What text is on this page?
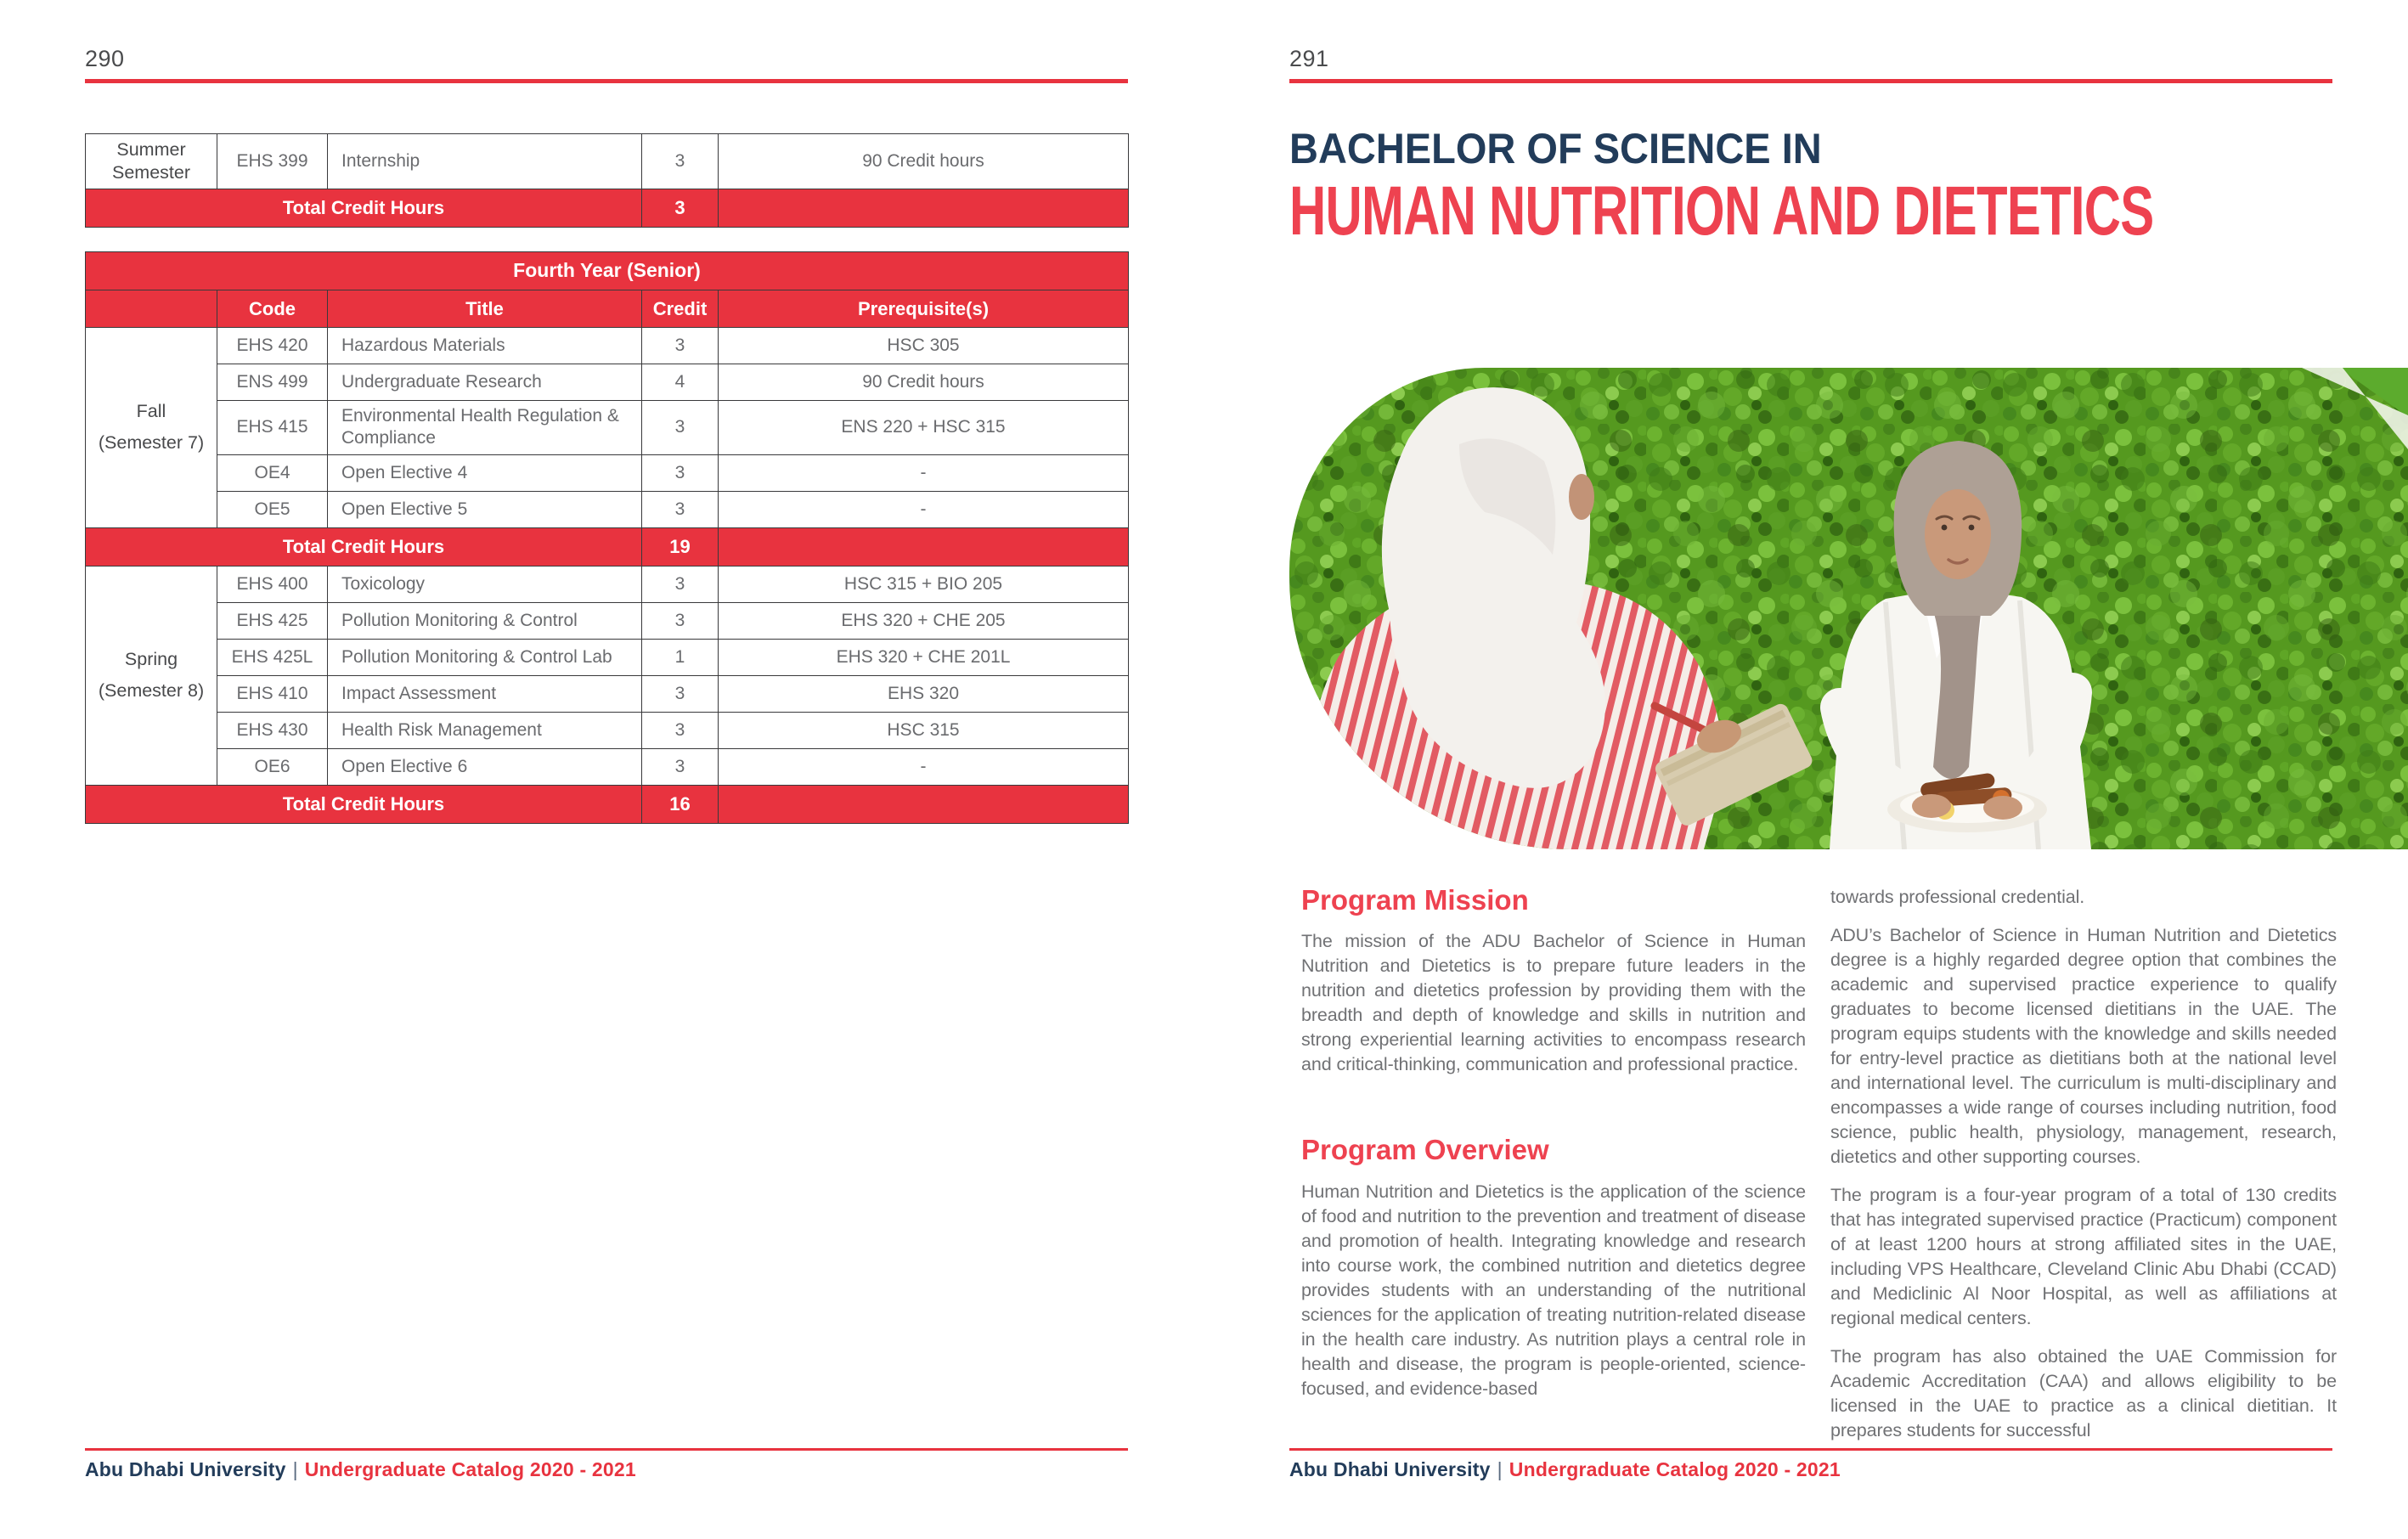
290
Summer Semester	EHS 399	Internship	3	90 Credit hours
Total Credit Hours			3	
Fourth Year (Senior)				
	Code	Title	Credit	Prerequisite(s)

Fall
(Semester 7)	EHS 420	Hazardous Materials	3	HSC 305
	ENS 499	Undergraduate Research	4	90 Credit hours
	EHS 415	Environmental Health Regulation & Compliance	3	ENS 220 + HSC 315
	OE4	Open Elective 4	3	-
	OE5	Open Elective 5	3	-
Total Credit Hours			19	

Spring
(Semester 8)	EHS 400	Toxicology	3	HSC 315 + BIO 205
	EHS 425	Pollution Monitoring & Control	3	EHS 320 + CHE 205
	EHS 425L	Pollution Monitoring & Control Lab	1	EHS 320 + CHE 201L
	EHS 410	Impact Assessment	3	EHS 320
	EHS 430	Health Risk Management	3	HSC 315
	OE6	Open Elective 6	3	-
Total Credit Hours			16	
Abu Dhabi University | Undergraduate Catalog 2020 - 2021
291
BACHELOR OF SCIENCE IN
HUMAN NUTRITION AND DIETETICS
Program Mission

The mission of the ADU Bachelor of Science in Human Nutrition and Dietetics is to prepare future leaders in the nutrition and dietetics profession by providing them with the breadth and depth of knowledge and skills in nutrition and strong experiential learning activities to encompass research and critical-thinking, communication and professional practice.

Program Overview

Human Nutrition and Dietetics is the application of the science of food and nutrition to the prevention and treatment of disease and promotion of health. Integrating knowledge and research into course work, the combined nutrition and dietetics degree provides students with an understanding of the nutritional sciences for the application of treating nutrition-related disease in the health care industry. As nutrition plays a central role in health and disease, the program is people-oriented, science-focused, and evidence-based

towards professional credential.

ADU’s Bachelor of Science in Human Nutrition and Dietetics degree is a highly regarded degree option that combines the academic and supervised practice experience to qualify graduates to become licensed dietitians in the UAE. The program equips students with the knowledge and skills needed for entry-level practice as dietitians both at the national level and international level. The curriculum is multi-disciplinary and encompasses a wide range of courses including nutrition, food science, public health, physiology, management, research, dietetics and other supporting courses.

The program is a four-year program of a total of 130 credits that has integrated supervised practice (Practicum) component of at least 1200 hours at strong affiliated sites in the UAE, including VPS Healthcare, Cleveland Clinic Abu Dhabi (CCAD) and Mediclinic Al Noor Hospital, as well as affiliations at regional medical centers.

The program has also obtained the UAE Commission for Academic Accreditation (CAA) and allows eligibility to be licensed in the UAE to practice as a clinical dietitian. It prepares students for successful

Abu Dhabi University | Undergraduate Catalog 2020 - 2021
